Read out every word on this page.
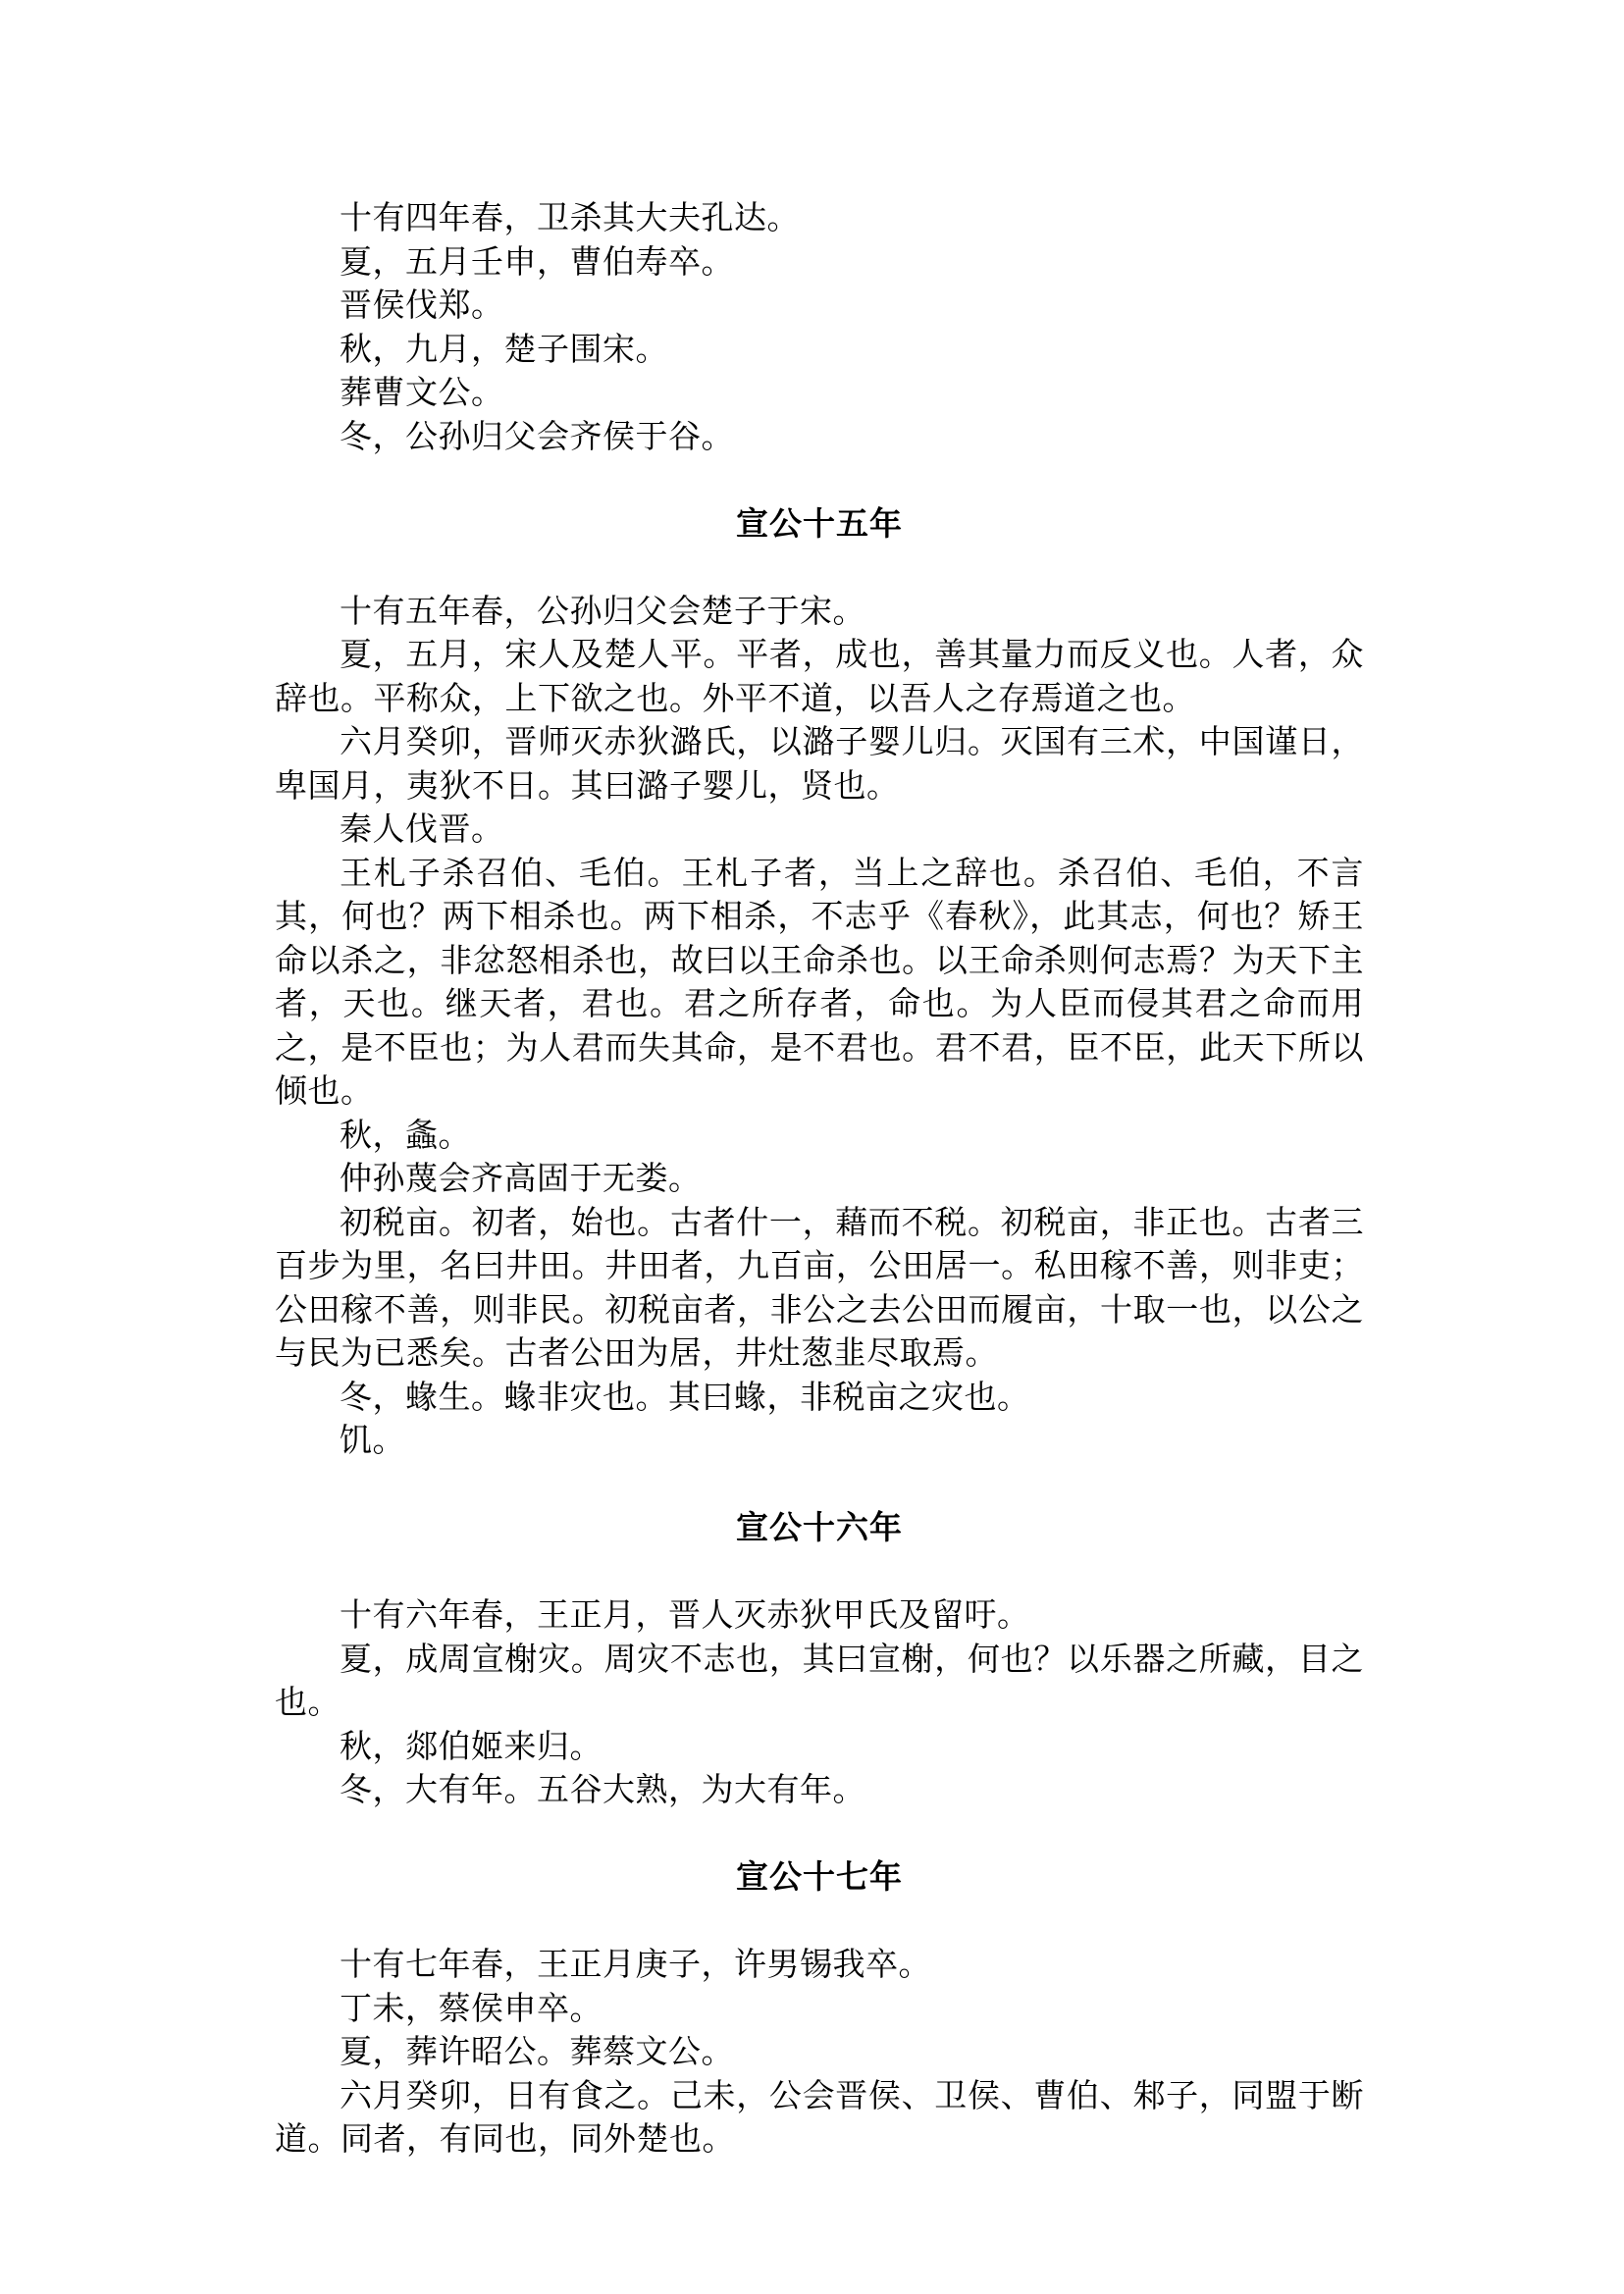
十有四年春，卫杀其大夫孔达。

夏，五月壬申，曹伯寿卒。

晋侯伐郑。

秋，九月，楚子围宋。

葬曹文公。

冬，公孙归父会齐侯于谷。

宣公十五年

十有五年春，公孙归父会楚子于宋。

夏，五月，宋人及楚人平。平者，成也，善其量力而反义也。人者，众辞也。平称众，上下欲之也。外平不道，以吾人之存焉道之也。

六月癸卯，晋师灭赤狄潞氏，以潞子婴儿归。灭国有三术，中国谨日，卑国月，夷狄不日。其曰潞子婴儿，贤也。

秦人伐晋。

王札子杀召伯、毛伯。王札子者，当上之辞也。杀召伯、毛伯，不言其，何也？两下相杀也。两下相杀，不志乎《春秋》，此其志，何也？矫王命以杀之，非忿怒相杀也，故曰以王命杀也。以王命杀则何志焉？为天下主者，天也。继天者，君也。君之所存者，命也。为人臣而侵其君之命而用之，是不臣也；为人君而失其命，是不君也。君不君，臣不臣，此天下所以倾也。

秋，螽。

仲孙蔑会齐高固于无娄。

初税亩。初者，始也。古者什一，藉而不税。初税亩，非正也。古者三百步为里，名曰井田。井田者，九百亩，公田居一。私田稼不善，则非吏；公田稼不善，则非民。初税亩者，非公之去公田而履亩，十取一也，以公之与民为已悉矣。古者公田为居，井灶葱韭尽取焉。

冬，蝝生。蝝非灾也。其曰蝝，非税亩之灾也。

饥。

宣公十六年

十有六年春，王正月，晋人灭赤狄甲氏及留吁。

夏，成周宣榭灾。周灾不志也，其曰宣榭，何也？以乐器之所藏，目之也。

秋，郯伯姬来归。

冬，大有年。五谷大熟，为大有年。

宣公十七年

十有七年春，王正月庚子，许男锡我卒。

丁未，蔡侯申卒。

夏，葬许昭公。葬蔡文公。

六月癸卯，日有食之。己未，公会晋侯、卫侯、曹伯、邾子，同盟于断道。同者，有同也，同外楚也。
